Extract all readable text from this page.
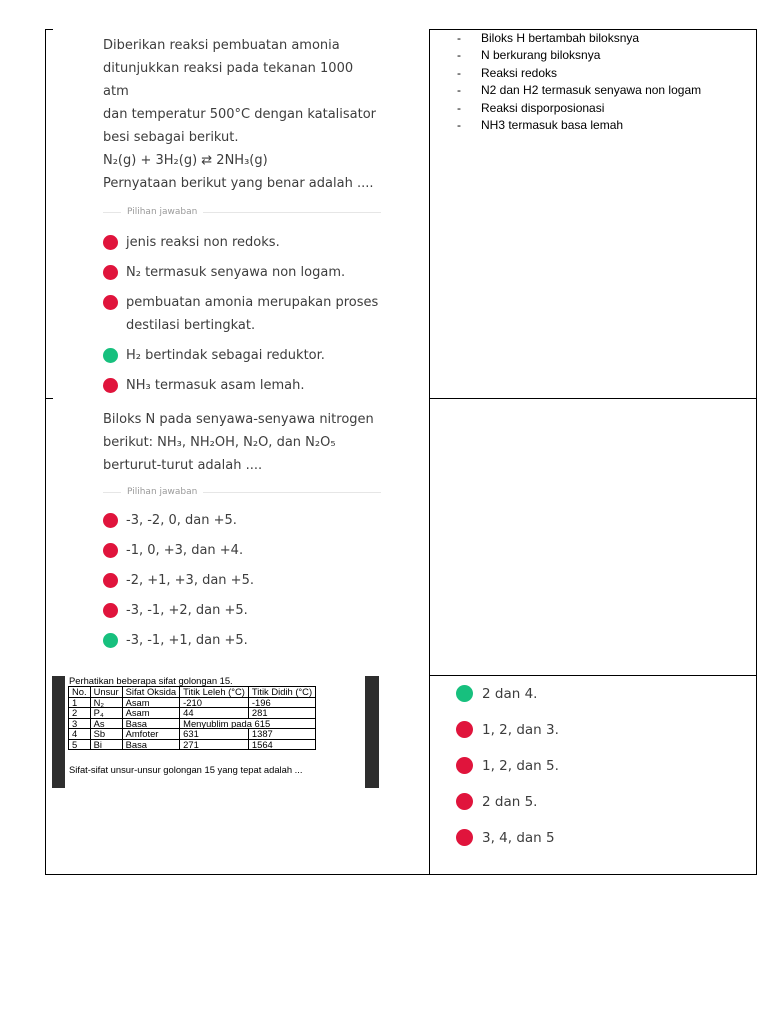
Diberikan reaksi pembuatan amonia
ditunjukkan reaksi pada tekanan 1000 atm
dan temperatur 500°C dengan katalisator
besi sebagai berikut.
N₂(g) + 3H₂(g) ⇄ 2NH₃(g)
Pernyataan berikut yang benar adalah ....
Pilihan jawaban
jenis reaksi non redoks.
N₂ termasuk senyawa non logam.
pembuatan amonia merupakan proses destilasi bertingkat.
H₂ bertindak sebagai reduktor.
NH₃ termasuk asam lemah.
-	Biloks H bertambah biloksnya
-	N berkurang biloksnya
-	Reaksi redoks
-	N2 dan H2 termasuk senyawa non logam
-	Reaksi disporposionasi
-	NH3 termasuk basa lemah
Biloks N pada senyawa-senyawa nitrogen
berikut: NH₃, NH₂OH, N₂O, dan N₂O₅
berturut-turut adalah ....
Pilihan jawaban
-3, -2, 0, dan +5.
-1, 0, +3, dan +4.
-2, +1, +3, dan +5.
-3, -1, +2, dan +5.
-3, -1, +1, dan +5.
Perhatikan beberapa sifat golongan 15.
No.	Unsur	Sifat Oksida	Titik Leleh (°C)	Titik Didih (°C)
1	N₂	Asam	-210	-196
2	P₄	Asam	44	281
3	As	Basa	Menyublim pada 615	
4	Sb	Amfoter	631	1387
5	Bi	Basa	271	1564
Sifat-sifat unsur-unsur golongan 15 yang tepat adalah ...
2 dan 4.
1, 2, dan 3.
1, 2, dan 5.
2 dan 5.
3, 4, dan 5
